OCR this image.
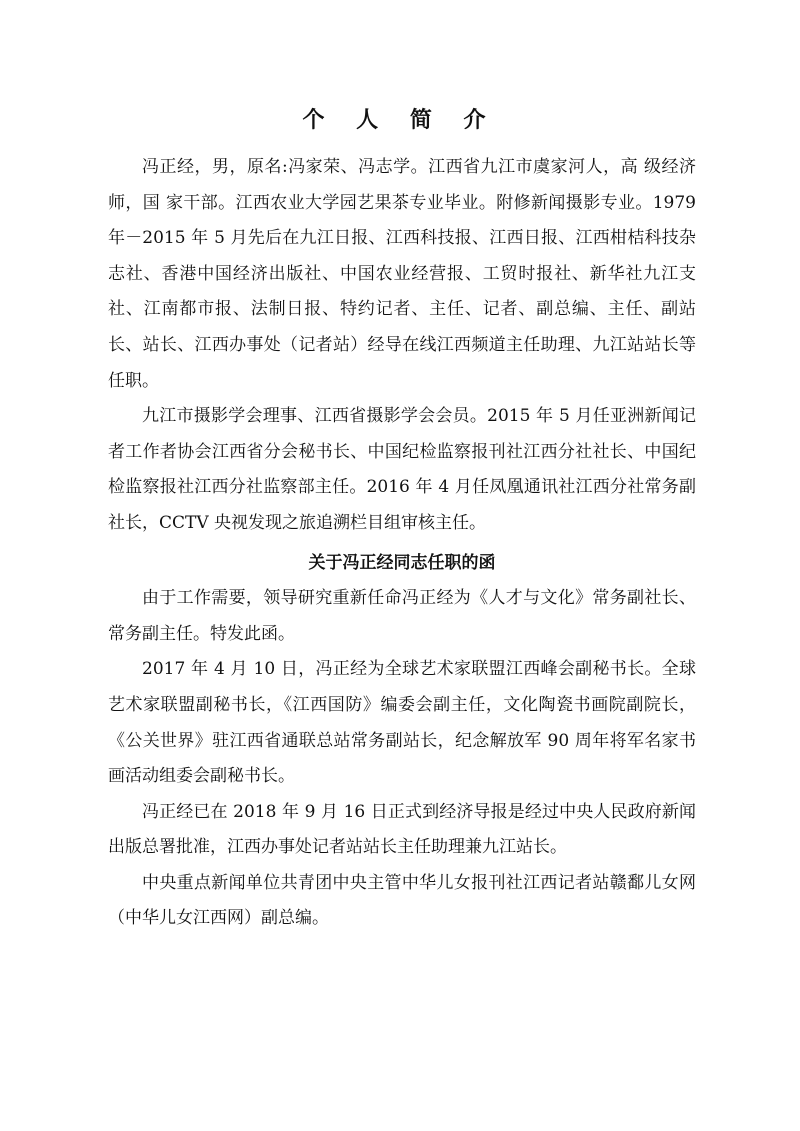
个 人 简 介

冯正经，男，原名:冯家荣、冯志学。江西省九江市虞家河人，高 级经济师，国 家干部。江西农业大学园艺果茶专业毕业。附修新闻摄影专业。1979 年－2015 年 5 月先后在九江日报、江西科技报、江西日报、江西柑桔科技杂志社、香港中国经济出版社、中国农业经营报、工贸时报社、新华社九江支社、江南都市报、法制日报、特约记者、主任、记者、副总编、主任、副站长、站长、江西办事处（记者站）经导在线江西频道主任助理、九江站站长等任职。

九江市摄影学会理事、江西省摄影学会会员。2015 年 5 月任亚洲新闻记者工作者协会江西省分会秘书长、中国纪检监察报刊社江西分社社长、中国纪检监察报社江西分社监察部主任。2016 年 4 月任凤凰通讯社江西分社常务副社长，CCTV 央视发现之旅追溯栏目组审核主任。

关于冯正经同志任职的函

由于工作需要，领导研究重新任命冯正经为《人才与文化》常务副社长、常务副主任。特发此函。

2017 年 4 月 10 日，冯正经为全球艺术家联盟江西峰会副秘书长。全球艺术家联盟副秘书长，《江西国防》编委会副主任，文化陶瓷书画院副院长，《公关世界》驻江西省通联总站常务副站长，纪念解放军 90 周年将军名家书画活动组委会副秘书长。

冯正经已在 2018 年 9 月 16 日正式到经济导报是经过中央人民政府新闻出版总署批准，江西办事处记者站站长主任助理兼九江站长。

中央重点新闻单位共青团中央主管中华儿女报刊社江西记者站赣鄱儿女网（中华儿女江西网）副总编。
